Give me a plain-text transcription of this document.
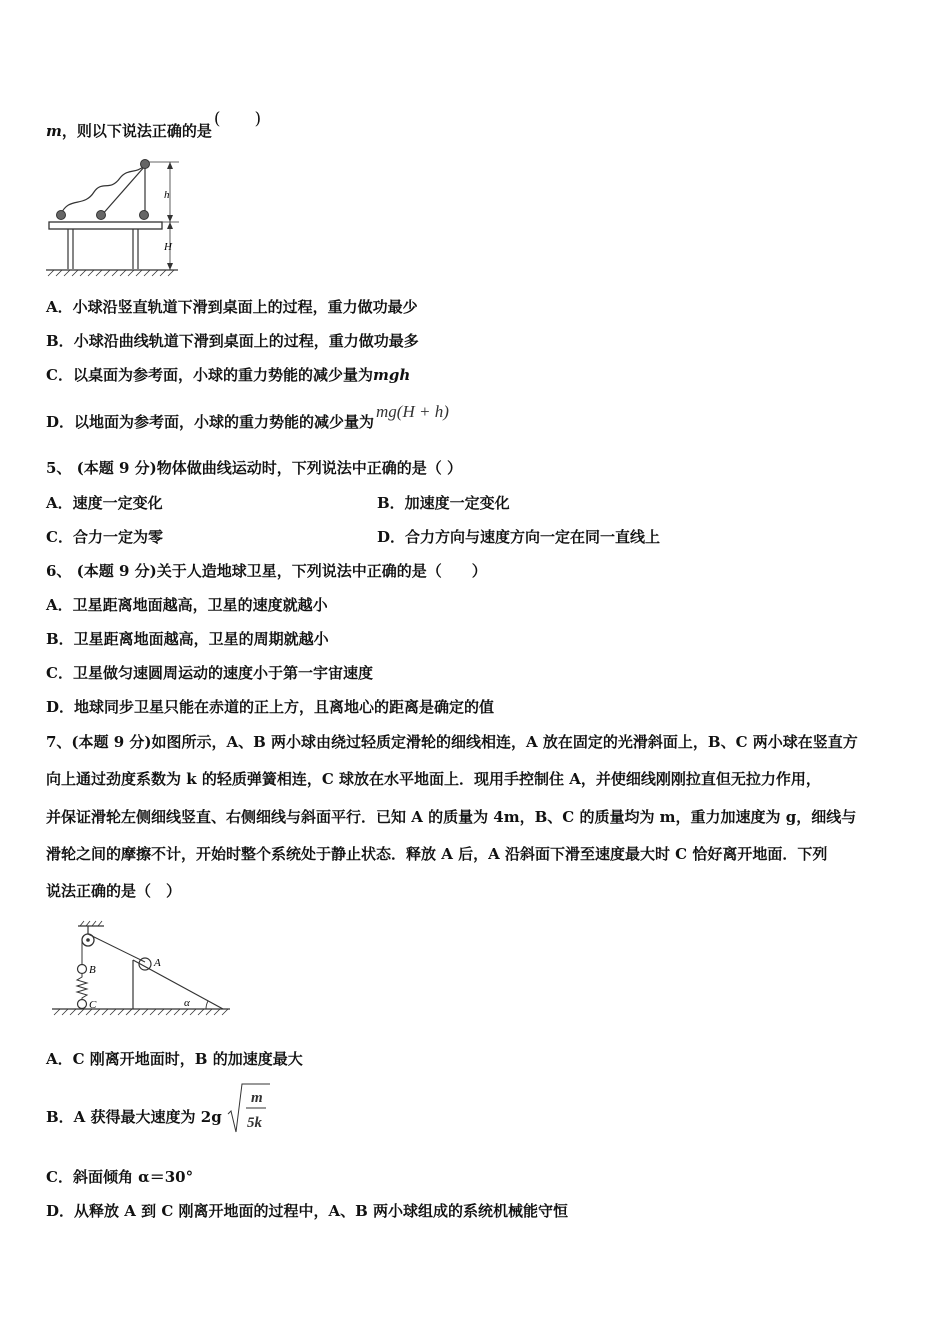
m，则以下说法正确的是(　　)
h
H
A．小球沿竖直轨道下滑到桌面上的过程，重力做功最少
B．小球沿曲线轨道下滑到桌面上的过程，重力做功最多
C．以桌面为参考面，小球的重力势能的减少量为mgh
D．以地面为参考面，小球的重力势能的减少量为mg(H + h)
5、 (本题 9 分)物体做曲线运动时，下列说法中正确的是（ ）
A．速度一定变化	B．加速度一定变化
C．合力一定为零	D．合力方向与速度方向一定在同一直线上
6、 (本题 9 分)关于人造地球卫星，下列说法中正确的是（　　）
A．卫星距离地面越高，卫星的速度就越小
B．卫星距离地面越高，卫星的周期就越小
C．卫星做匀速圆周运动的速度小于第一宇宙速度
D．地球同步卫星只能在赤道的正上方，且离地心的距离是确定的值
7、(本题 9 分)如图所示，A、B 两小球由绕过轻质定滑轮的细线相连，A 放在固定的光滑斜面上，B、C 两小球在竖直方
向上通过劲度系数为 k 的轻质弹簧相连，C 球放在水平地面上．现用手控制住 A，并使细线刚刚拉直但无拉力作用，
并保证滑轮左侧细线竖直、右侧细线与斜面平行．已知 A 的质量为 4m，B、C 的质量均为 m，重力加速度为 g，细线与
滑轮之间的摩擦不计，开始时整个系统处于静止状态．释放 A 后，A 沿斜面下滑至速度最大时 C 恰好离开地面．下列
说法正确的是（　）
A
B
C	α
A．C 刚离开地面时，B 的加速度最大
B．A 获得最大速度为 2g
m
5k
C．斜面倾角 α＝30°
D．从释放 A 到 C 刚离开地面的过程中，A、B 两小球组成的系统机械能守恒
